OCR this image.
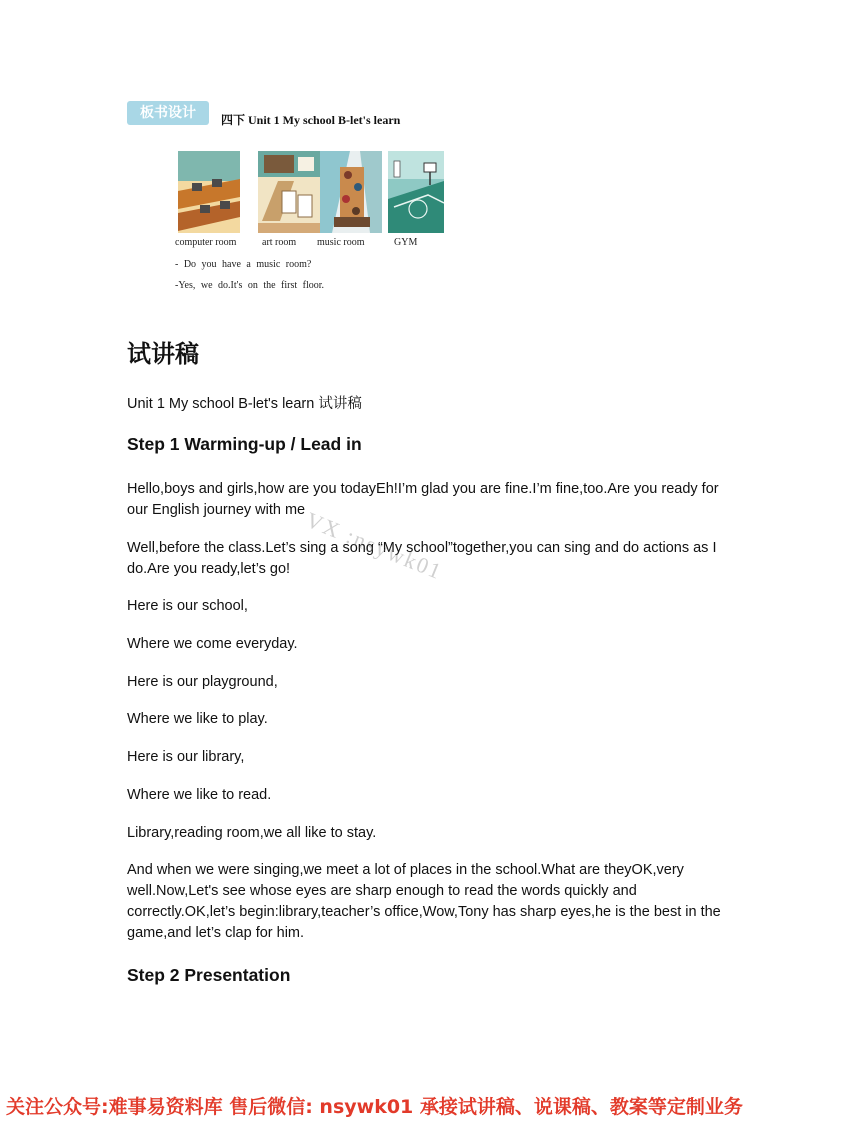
板书设计	四下 Unit 1 My school B-let's learn
computer room	art room music room	GYM
- Do you have a music room?
-Yes, we do.It's on the first floor.
试讲稿
Unit 1 My school B-let's learn 试讲稿
Step 1 Warming-up / Lead in
Hello,boys and girls,how are you todayEh!I’m glad you are fine.I’m fine,too.Are you ready for our English journey with me
Well,before the class.Let’s sing a song “My school”together,you can sing and do actions as I do.Are you ready,let’s go!
Here is our school,
Where we come everyday.
Here is our playground,
Where we like to play.
Here is our library,
Where we like to read.
Library,reading room,we all like to stay.
And when we were singing,we meet a lot of places in the school.What are theyOK,very well.Now,Let's see whose eyes are sharp enough to read the words quickly and correctly.OK,let’s begin:library,teacher’s office,Wow,Tony has sharp eyes,he is the best in the game,and let’s clap for him.
Step 2 Presentation
VX :nsywk01
关注公众号:难事易资料库 售后微信: nsywk01 承接试讲稿、说课稿、教案等定制业务
